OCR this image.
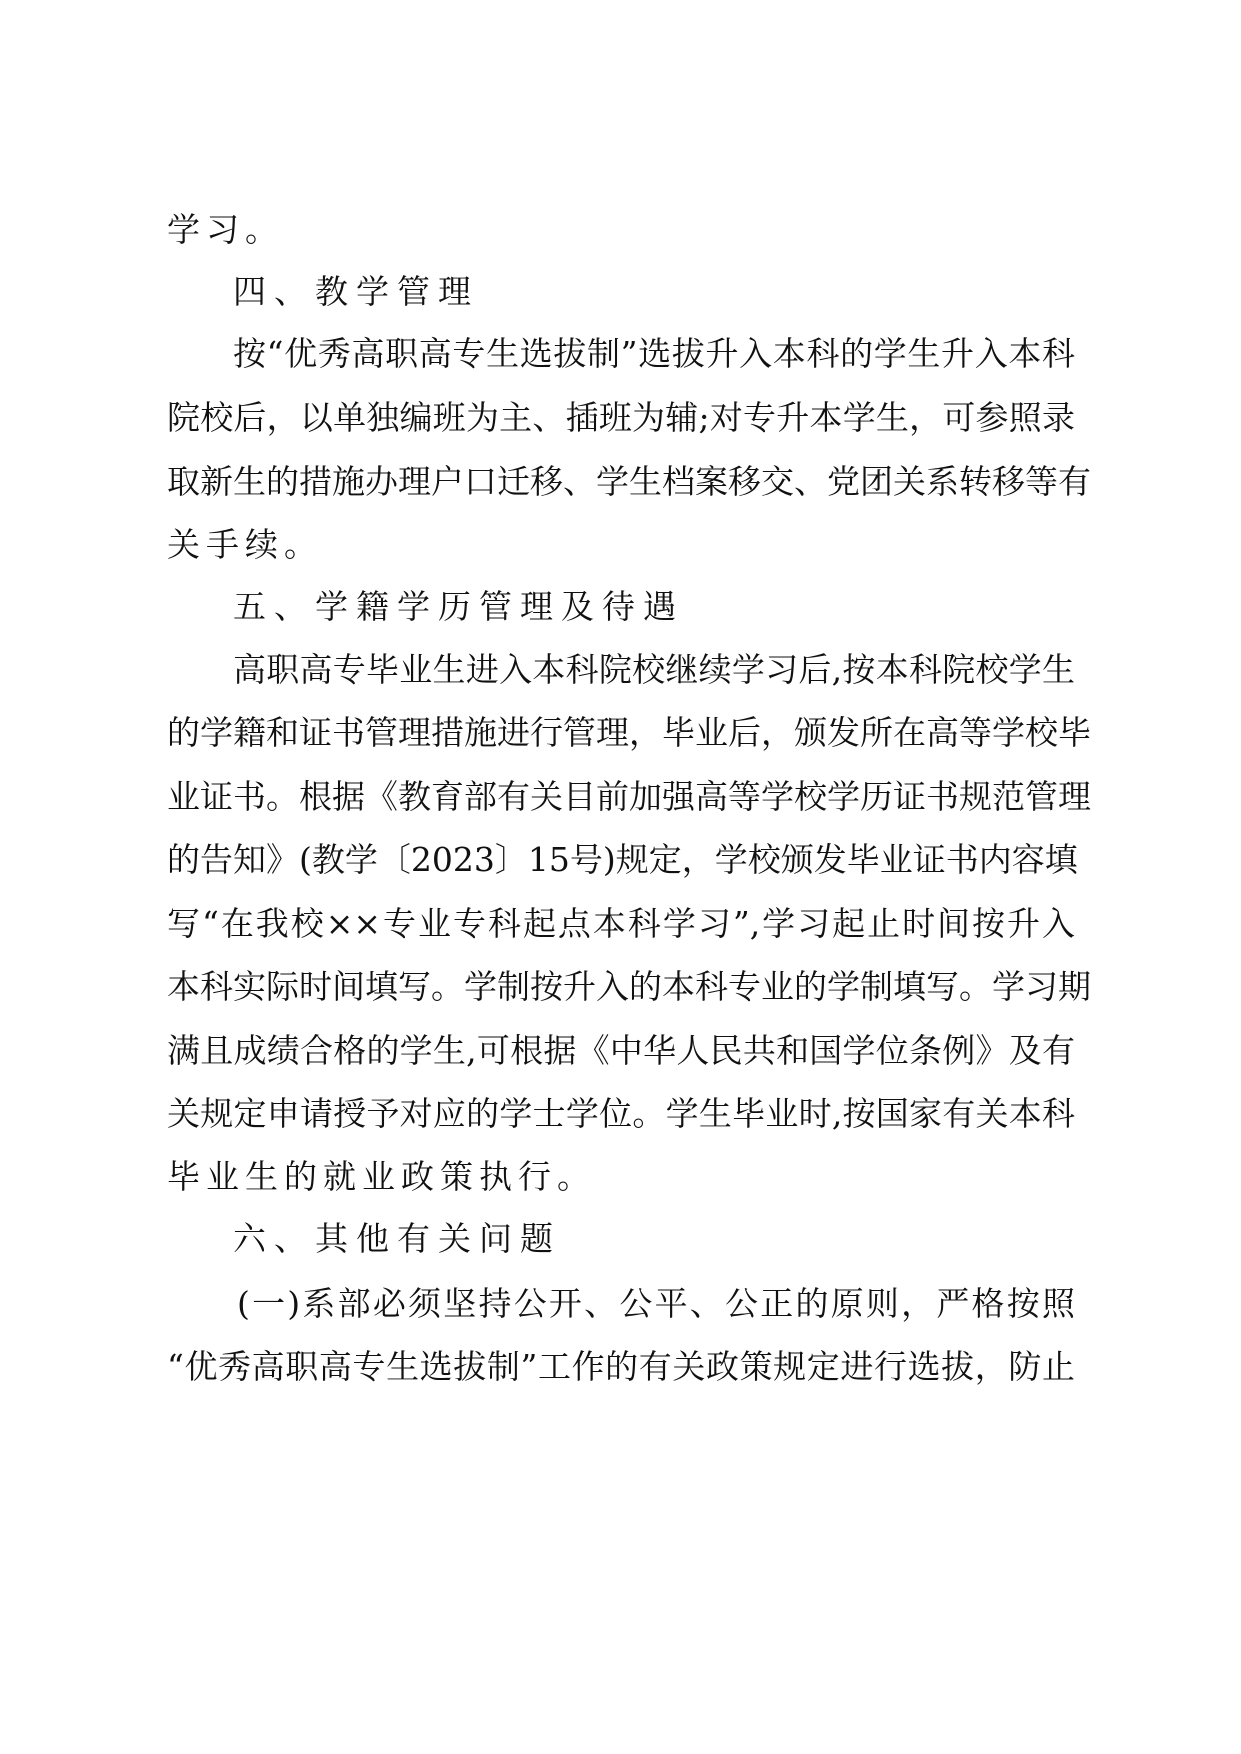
学习。

四、教学管理

按“优秀高职高专生选拔制”选拔升入本科的学生升入本科

院校后，以单独编班为主、插班为辅;对专升本学生，可参照录

取新生的措施办理户口迁移、学生档案移交、党团关系转移等有

关手续。

五、学籍学历管理及待遇

高职高专毕业生进入本科院校继续学习后,按本科院校学生

的学籍和证书管理措施进行管理，毕业后，颁发所在高等学校毕

业证书。根据《教育部有关目前加强高等学校学历证书规范管理

的告知》(教学〔2023〕15号)规定，学校颁发毕业证书内容填

写“在我校××专业专科起点本科学习”,学习起止时间按升入

本科实际时间填写。学制按升入的本科专业的学制填写。学习期

满且成绩合格的学生,可根据《中华人民共和国学位条例》及有

关规定申请授予对应的学士学位。学生毕业时,按国家有关本科

毕业生的就业政策执行。

六、其他有关问题

(一)系部必须坚持公开、公平、公正的原则，严格按照

“优秀高职高专生选拔制”工作的有关政策规定进行选拔，防止
